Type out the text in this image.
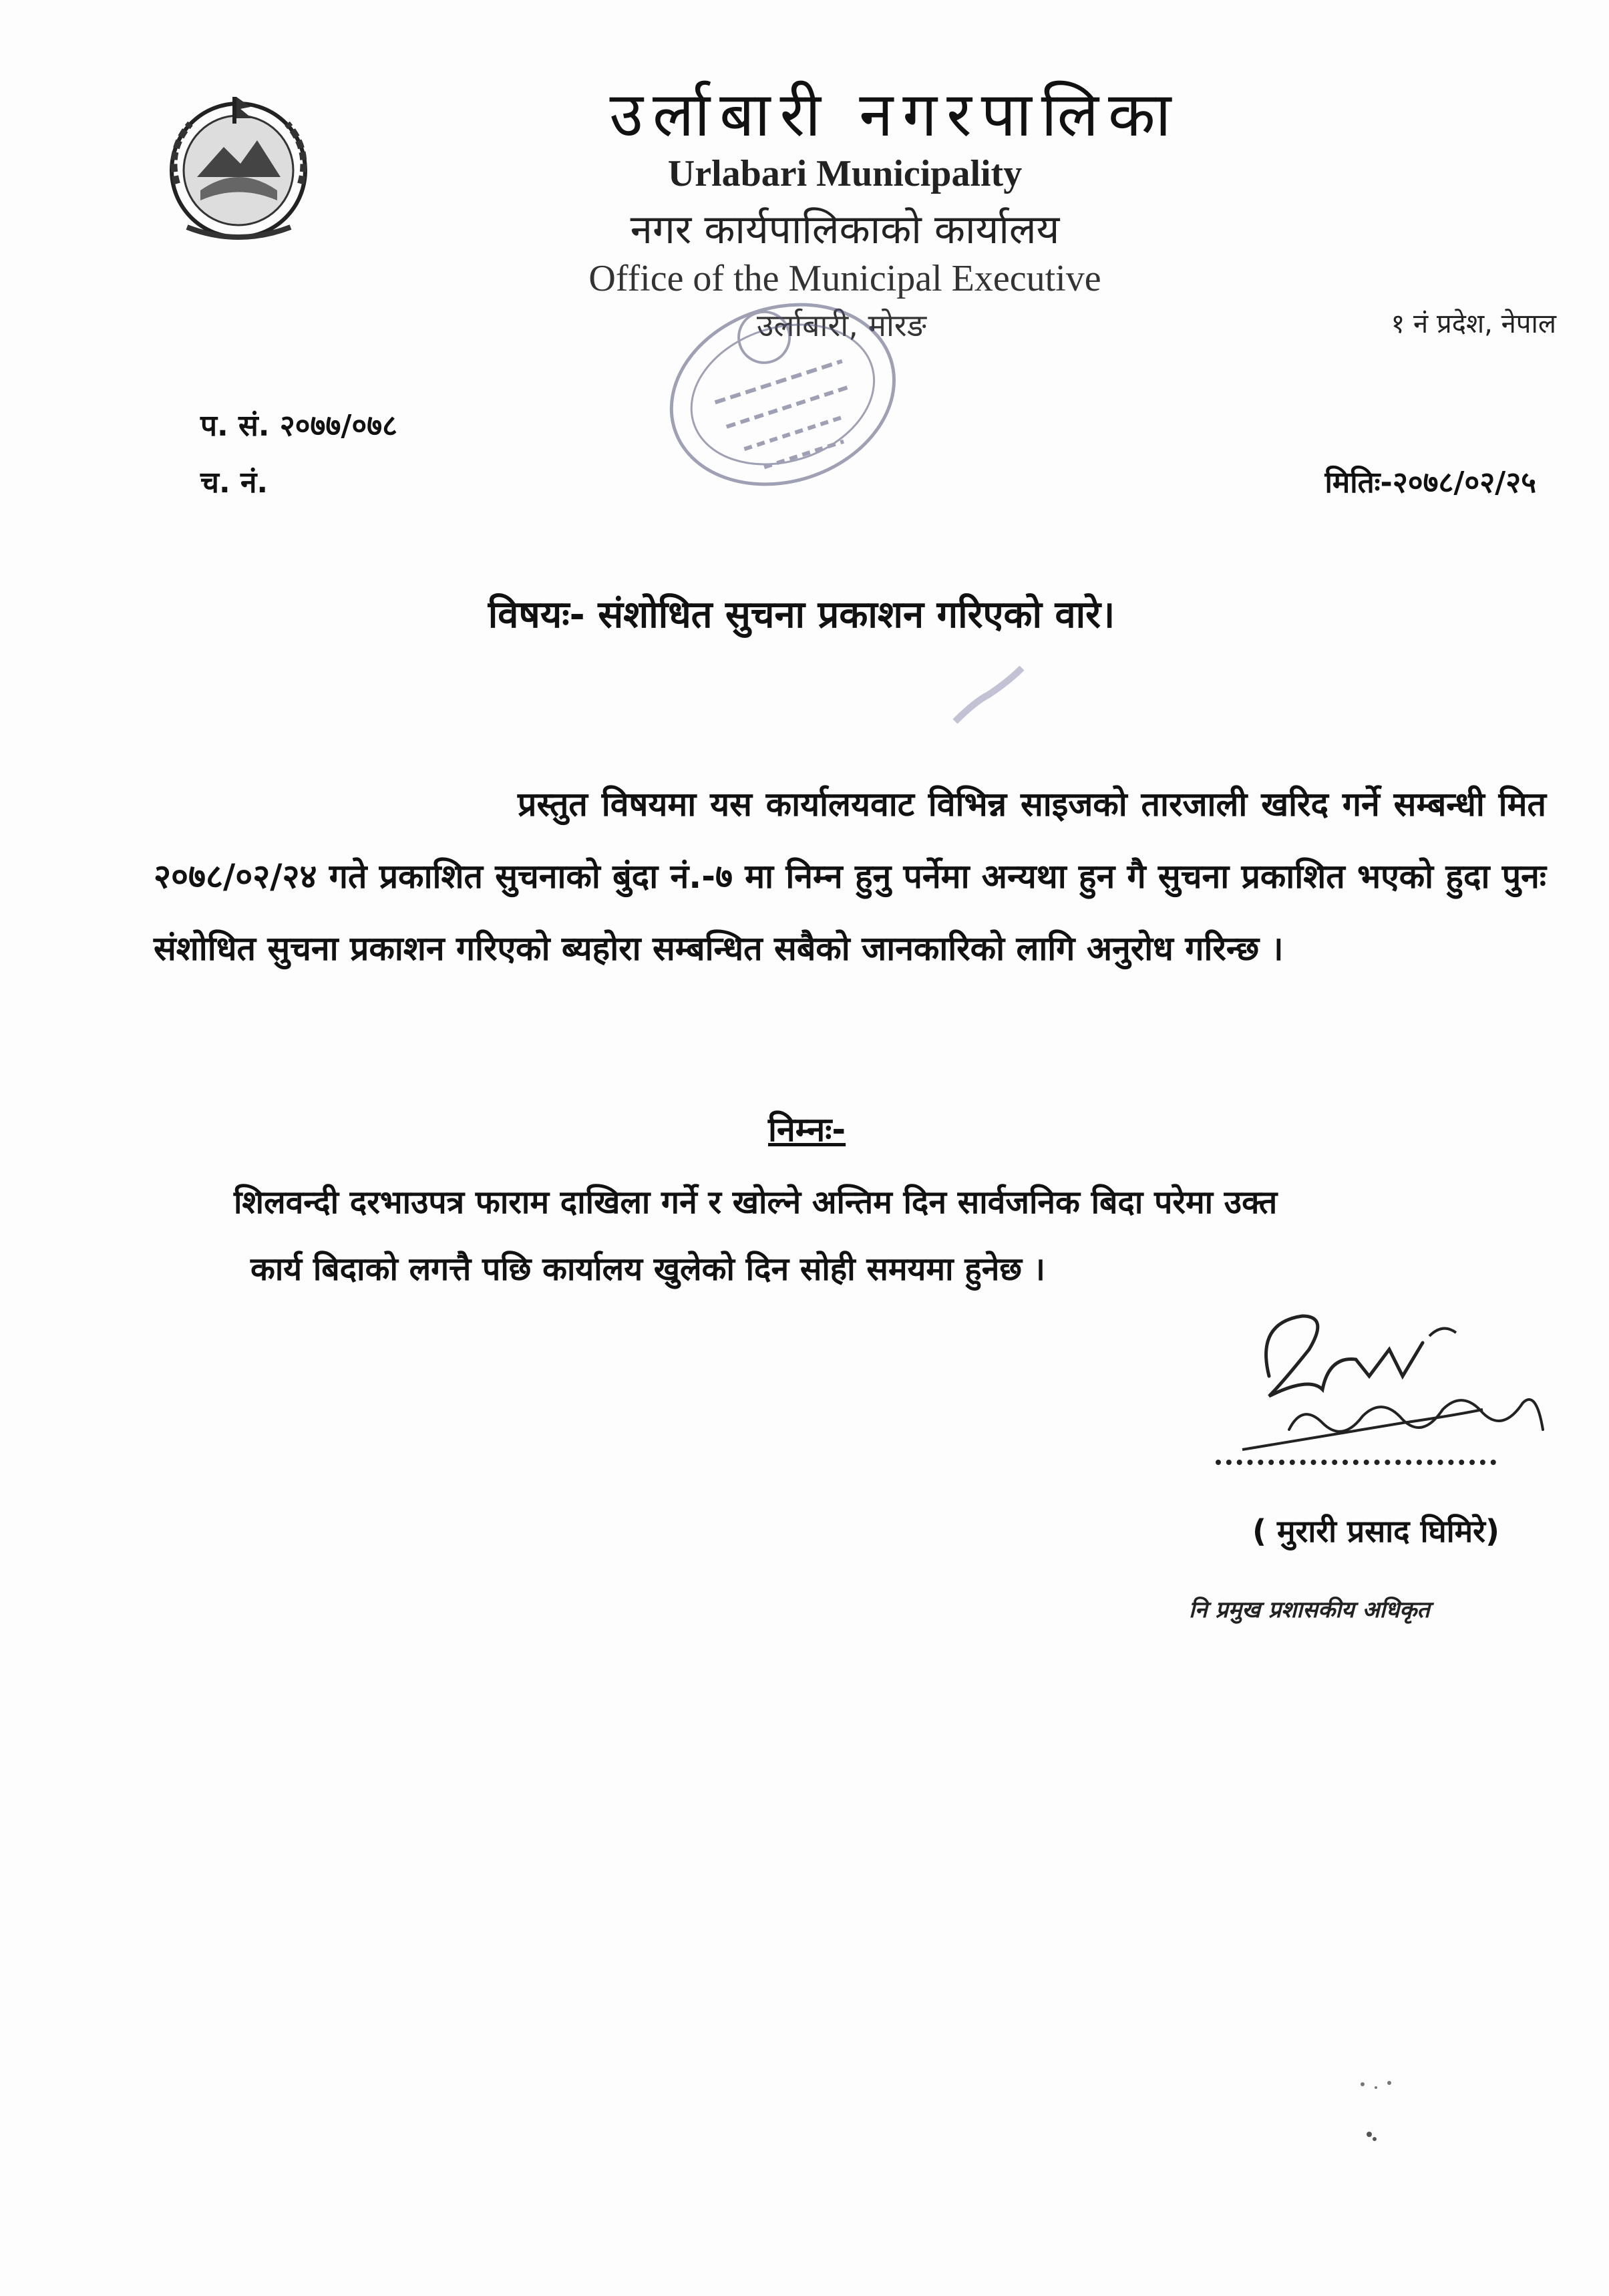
उर्लाबारी नगरपालिका
Urlabari Municipality
नगर कार्यपालिकाको कार्यालय
Office of the Municipal Executive
उर्लाबारी, मोरङ	१ नं प्रदेश, नेपाल
प. सं. २०७७/०७८
च. नं.	मितिः-२०७८/०२/२५
विषयः- संशोधित सुचना प्रकाशन गरिएको वारे।
प्रस्तुत विषयमा यस कार्यालयवाट विभिन्न साइजको तारजाली खरिद गर्ने सम्बन्धी मित २०७८/०२/२४ गते प्रकाशित सुचनाको बुंदा नं.-७ मा निम्न हुनु पर्नेमा अन्यथा हुन गै सुचना प्रकाशित भएको हुदा पुनः संशोधित सुचना प्रकाशन गरिएको ब्यहोरा सम्बन्धित सबैको जानकारिको लागि अनुरोध गरिन्छ ।
निम्नः-
शिलवन्दी दरभाउपत्र फाराम दाखिला गर्ने र खोल्ने अन्तिम दिन सार्वजनिक बिदा परेमा उक्त
कार्य बिदाको लगत्तै पछि कार्यालय खुलेको दिन सोही समयमा हुनेछ ।
( मुरारी प्रसाद घिमिरे)
नि प्रमुख प्रशासकीय अधिकृत
